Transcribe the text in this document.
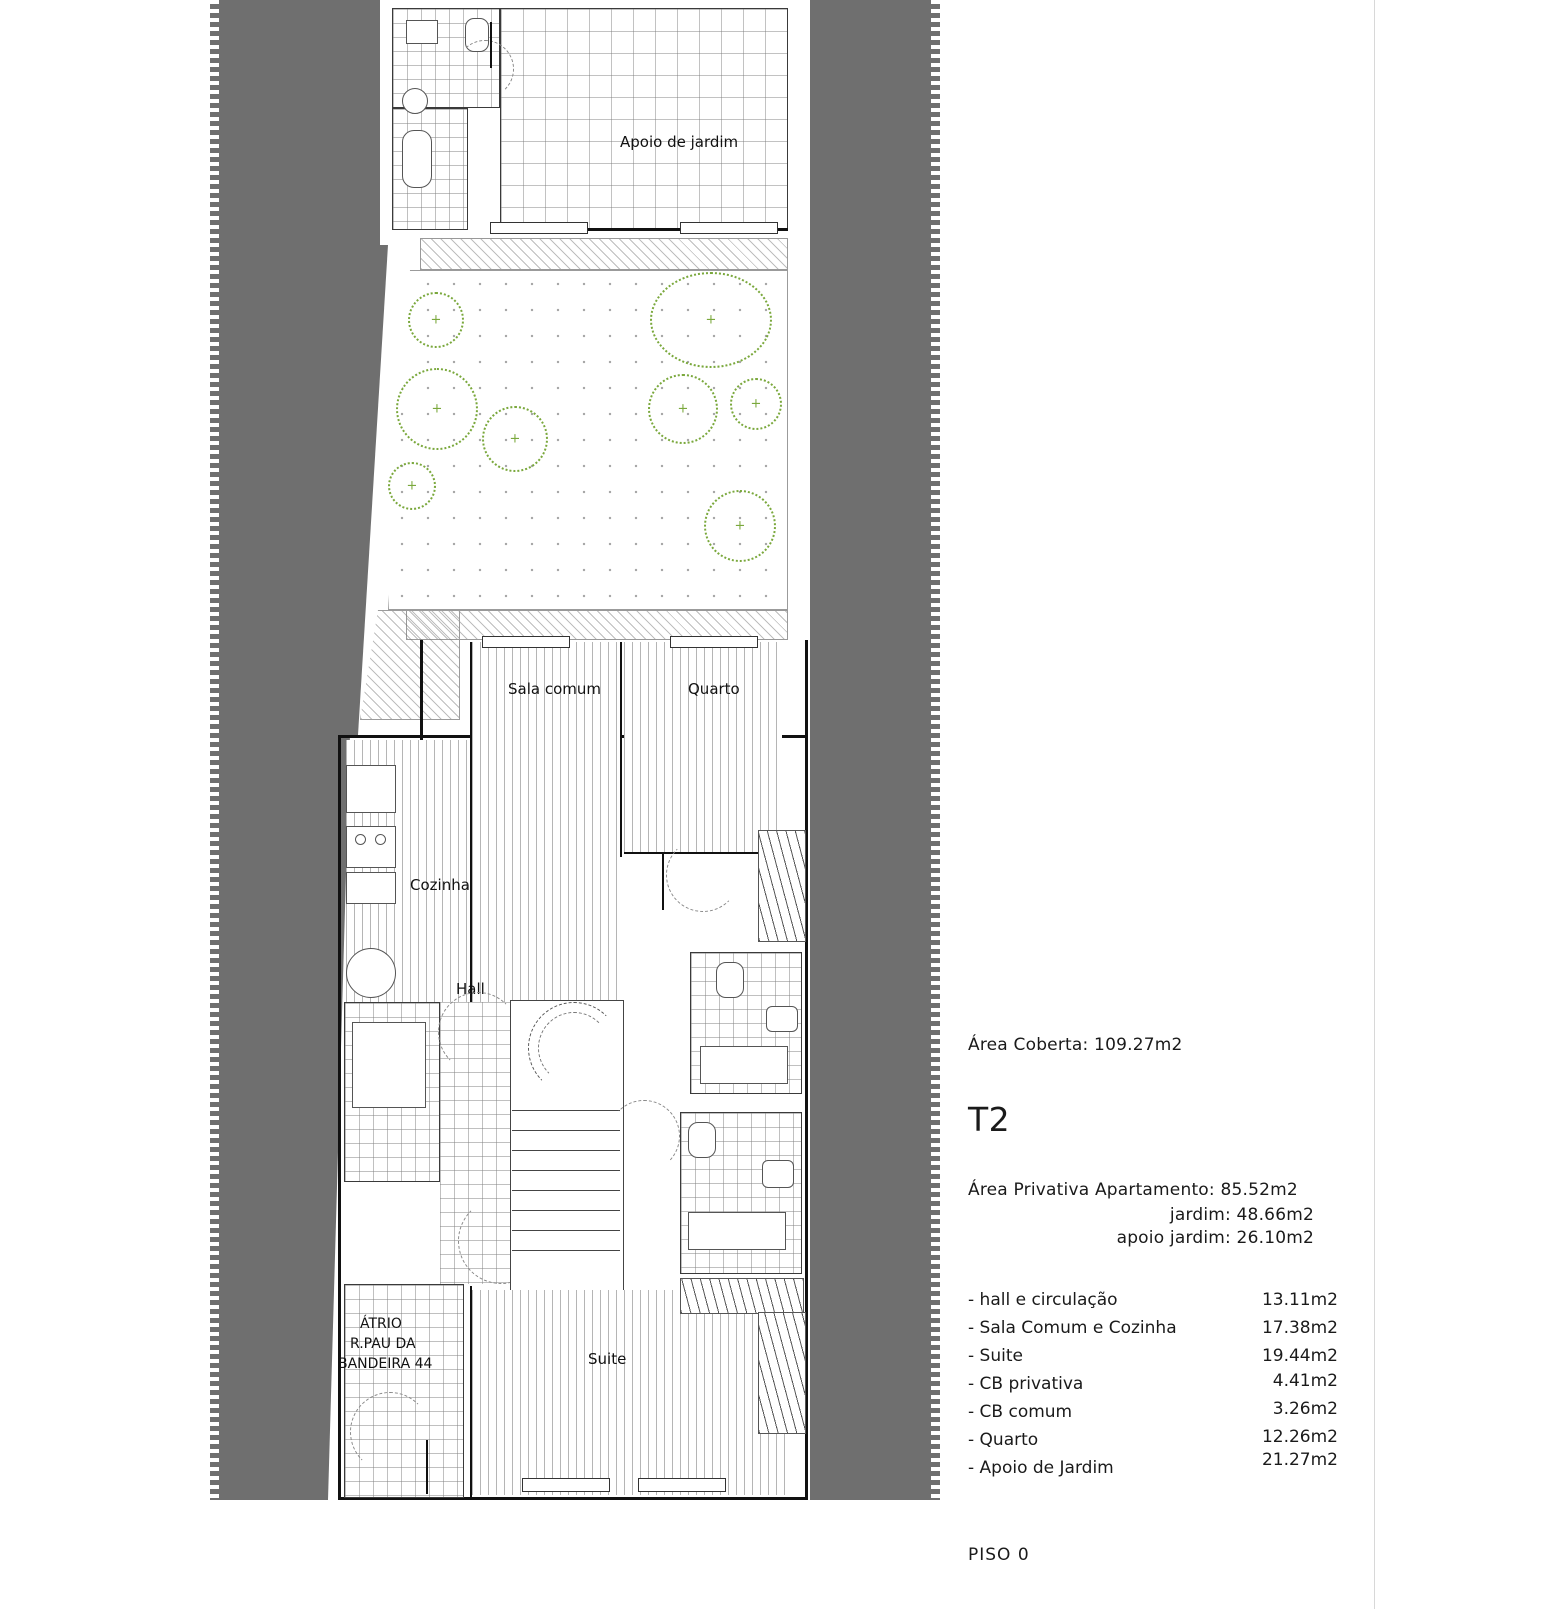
Apoio de jardim
+
+
+
+
+
+
+
+
Sala comum	Quarto
Cozinha
Hall
Suite
ÁTRIO
R.PAU DA
BANDEIRA 44
Área Coberta: 109.27m2
T2
Área Privativa Apartamento: 85.52m2
jardim: 48.66m2
apoio jardim: 26.10m2
- hall e circulação	13.11m2
- Sala Comum e Cozinha	17.38m2
- Suite	19.44m2
- CB privativa	4.41m2
- CB comum	3.26m2
- Quarto	12.26m2
- Apoio de Jardim	21.27m2
PISO 0
